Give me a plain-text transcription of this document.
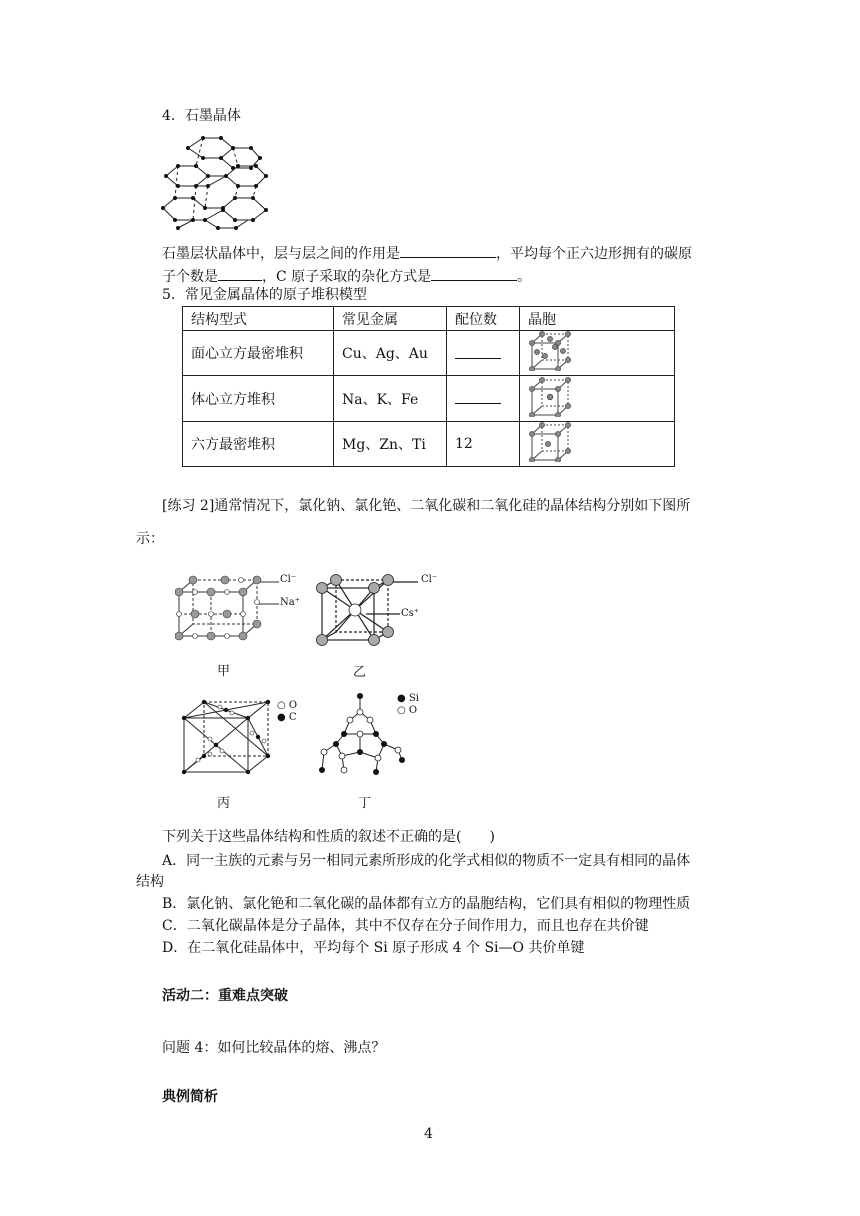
4．石墨晶体
石墨层状晶体中，层与层之间的作用是	，平均每个正六边形拥有的碳原
子个数是	，C 原子采取的杂化方式是	。
5．常见金属晶体的原子堆积模型
结构型式	常见金属	配位数	晶胞
面心立方最密堆积	Cu、Ag、Au		
体心立方堆积	Na、K、Fe		
六方最密堆积	Mg、Zn、Ti	12	
[练习 2]通常情况下，氯化钠、氯化铯、二氧化碳和二氧化硅的晶体结构分别如下图所
示：
Cl⁻
Na⁺
甲
Cl⁻
Cs⁺
乙
○ O
● C
丙
● Si
○ O
丁
下列关于这些晶体结构和性质的叙述不正确的是(　　)
A．同一主族的元素与另一相同元素所形成的化学式相似的物质不一定具有相同的晶体
结构
B．氯化钠、氯化铯和二氧化碳的晶体都有立方的晶胞结构，它们具有相似的物理性质
C．二氧化碳晶体是分子晶体，其中不仅存在分子间作用力，而且也存在共价键
D．在二氧化硅晶体中，平均每个 Si 原子形成 4 个 Si—O 共价单键
活动二：重难点突破
问题 4：如何比较晶体的熔、沸点？
典例简析
4
